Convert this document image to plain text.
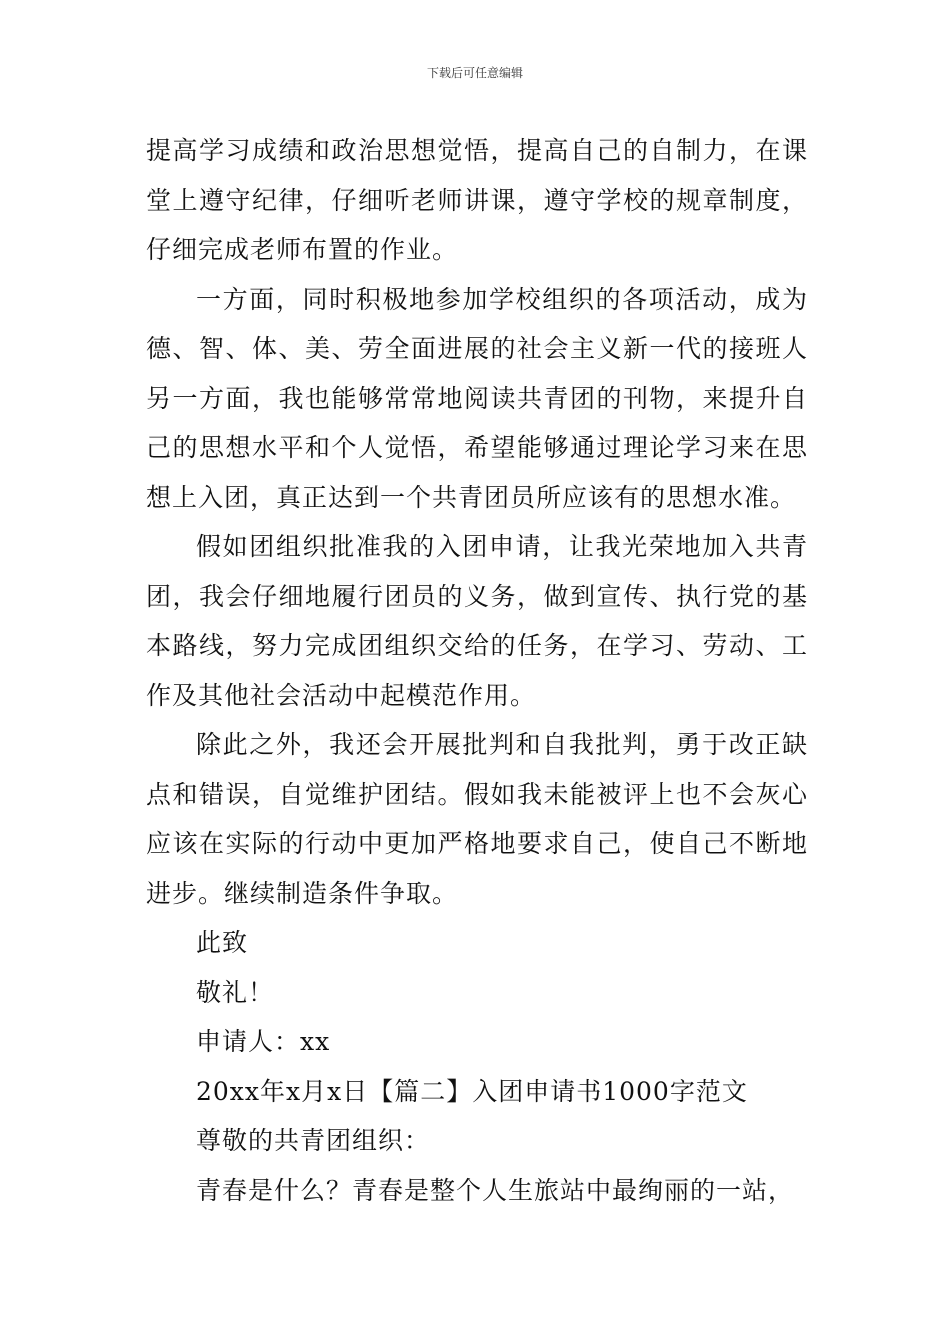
下载后可任意编辑

提高学习成绩和政治思想觉悟，提高自己的自制力，在课堂上遵守纪律，仔细听老师讲课，遵守学校的规章制度，仔细完成老师布置的作业。

一方面，同时积极地参加学校组织的各项活动，成为德、智、体、美、劳全面进展的社会主义新一代的接班人另一方面，我也能够常常地阅读共青团的刊物，来提升自己的思想水平和个人觉悟，希望能够通过理论学习来在思想上入团，真正达到一个共青团员所应该有的思想水准。

假如团组织批准我的入团申请，让我光荣地加入共青团，我会仔细地履行团员的义务，做到宣传、执行党的基本路线，努力完成团组织交给的任务，在学习、劳动、工作及其他社会活动中起模范作用。

除此之外，我还会开展批判和自我批判，勇于改正缺点和错误，自觉维护团结。假如我未能被评上也不会灰心应该在实际的行动中更加严格地要求自己，使自己不断地进步。继续制造条件争取。

此致

敬礼！

申请人：xx

20xx年x月x日【篇二】入团申请书1000字范文

尊敬的共青团组织：

青春是什么？青春是整个人生旅站中最绚丽的一站，
